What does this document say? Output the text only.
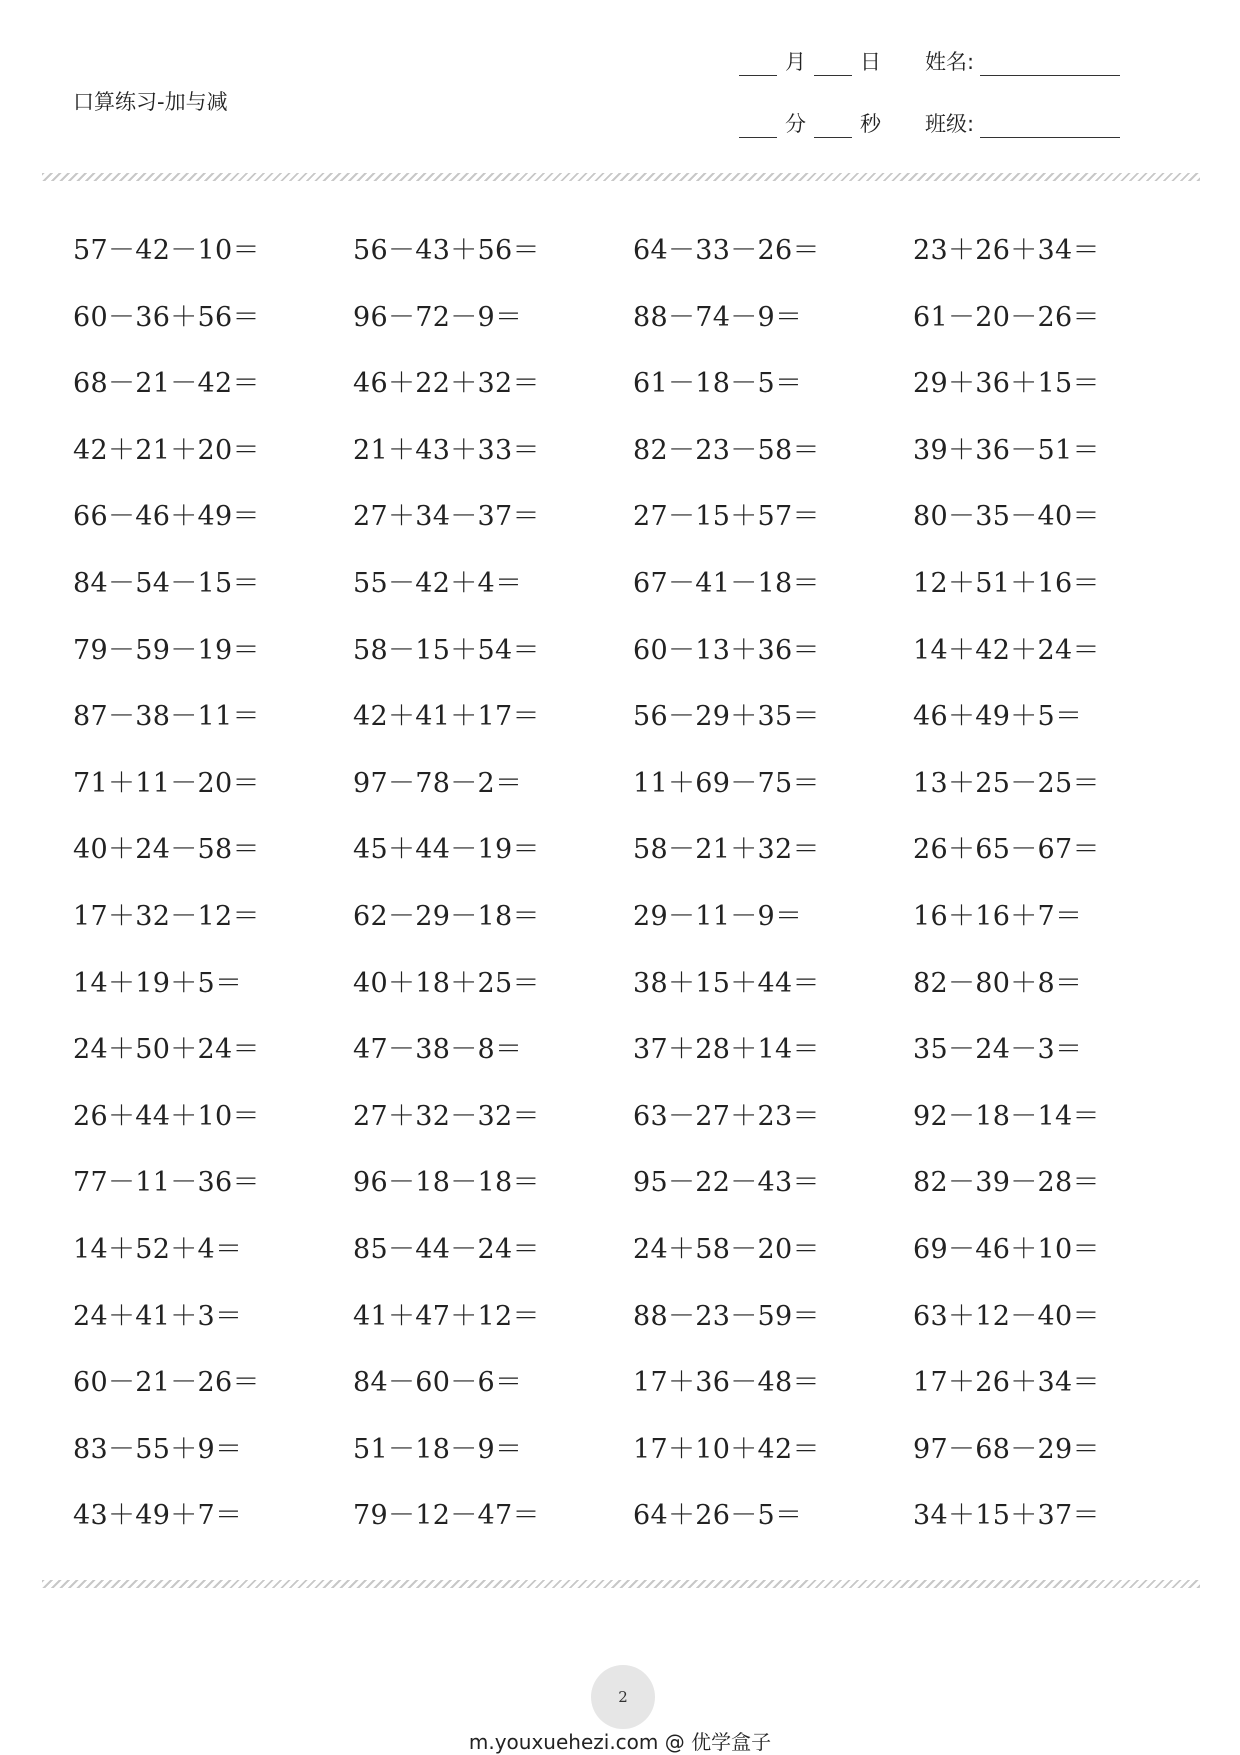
口算练习-加与减
月	日 姓名:
分	秒 班级:
57－42－10＝	56－43＋56＝	64－33－26＝	23＋26＋34＝
60－36＋56＝	96－72－9＝	88－74－9＝	61－20－26＝
68－21－42＝	46＋22＋32＝	61－18－5＝	29＋36＋15＝
42＋21＋20＝	21＋43＋33＝	82－23－58＝	39＋36－51＝
66－46＋49＝	27＋34－37＝	27－15＋57＝	80－35－40＝
84－54－15＝	55－42＋4＝	67－41－18＝	12＋51＋16＝
79－59－19＝	58－15＋54＝	60－13＋36＝	14＋42＋24＝
87－38－11＝	42＋41＋17＝	56－29＋35＝	46＋49＋5＝
71＋11－20＝	97－78－2＝	11＋69－75＝	13＋25－25＝
40＋24－58＝	45＋44－19＝	58－21＋32＝	26＋65－67＝
17＋32－12＝	62－29－18＝	29－11－9＝	16＋16＋7＝
14＋19＋5＝	40＋18＋25＝	38＋15＋44＝	82－80＋8＝
24＋50＋24＝	47－38－8＝	37＋28＋14＝	35－24－3＝
26＋44＋10＝	27＋32－32＝	63－27＋23＝	92－18－14＝
77－11－36＝	96－18－18＝	95－22－43＝	82－39－28＝
14＋52＋4＝	85－44－24＝	24＋58－20＝	69－46＋10＝
24＋41＋3＝	41＋47＋12＝	88－23－59＝	63＋12－40＝
60－21－26＝	84－60－6＝	17＋36－48＝	17＋26＋34＝
83－55＋9＝	51－18－9＝	17＋10＋42＝	97－68－29＝
43＋49＋7＝	79－12－47＝	64＋26－5＝	34＋15＋37＝
2
m.youxuehezi.com @ 优学盒子
